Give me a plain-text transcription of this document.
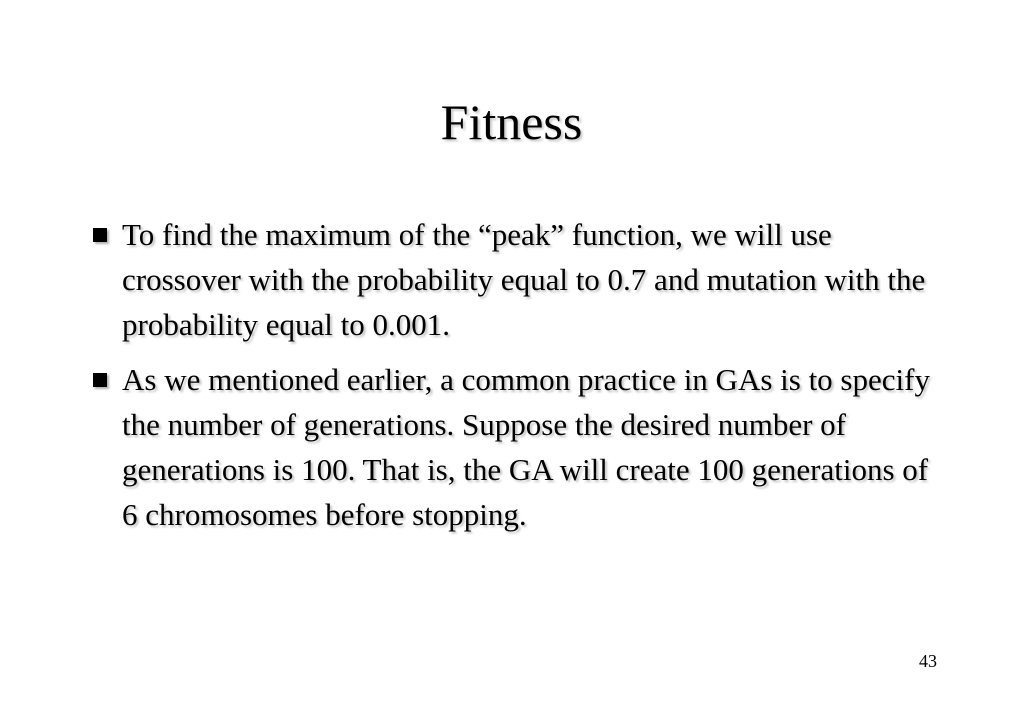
Fitness
To find the maximum of the “peak” function, we will use crossover with the probability equal to 0.7 and mutation with the probability equal to 0.001.
As we mentioned earlier, a common practice in GAs is to specify the number of generations. Suppose the desired number of generations is 100. That is, the GA will create 100 generations of 6 chromosomes before stopping.
43
